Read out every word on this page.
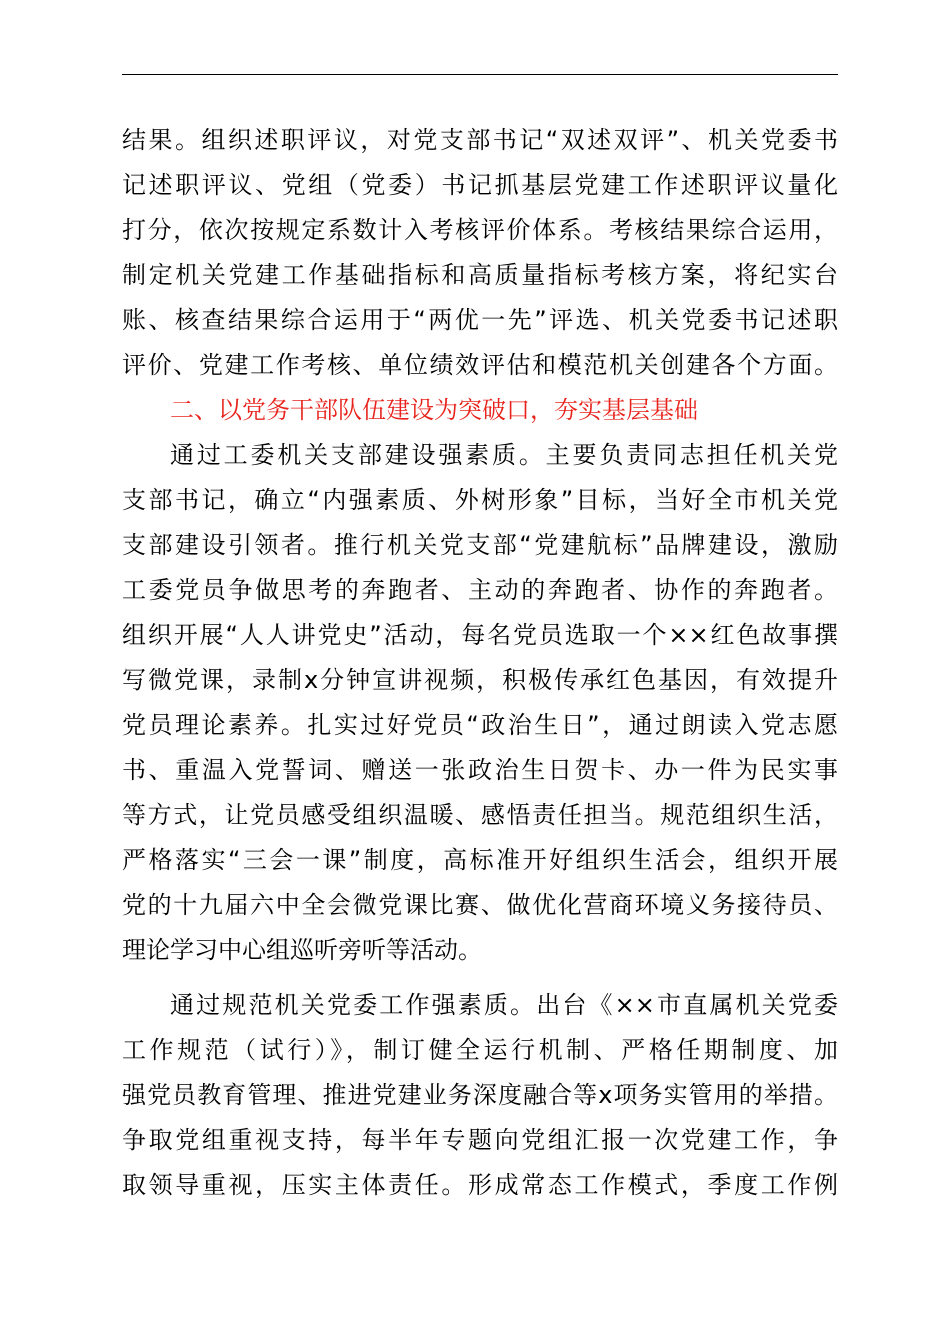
结果。组织述职评议，对党支部书记“双述双评”、机关党委书
记述职评议、党组（党委）书记抓基层党建工作述职评议量化
打分，依次按规定系数计入考核评价体系。考核结果综合运用，
制定机关党建工作基础指标和高质量指标考核方案，将纪实台
账、核查结果综合运用于“两优一先”评选、机关党委书记述职
评价、党建工作考核、单位绩效评估和模范机关创建各个方面。
二、以党务干部队伍建设为突破口，夯实基层基础
通过工委机关支部建设强素质。主要负责同志担任机关党
支部书记，确立“内强素质、外树形象”目标，当好全市机关党
支部建设引领者。推行机关党支部“党建航标”品牌建设，激励
工委党员争做思考的奔跑者、主动的奔跑者、协作的奔跑者。
组织开展“人人讲党史”活动，每名党员选取一个××红色故事撰
写微党课，录制x分钟宣讲视频，积极传承红色基因，有效提升
党员理论素养。扎实过好党员“政治生日”，通过朗读入党志愿
书、重温入党誓词、赠送一张政治生日贺卡、办一件为民实事
等方式，让党员感受组织温暖、感悟责任担当。规范组织生活，
严格落实“三会一课”制度，高标准开好组织生活会，组织开展
党的十九届六中全会微党课比赛、做优化营商环境义务接待员、
理论学习中心组巡听旁听等活动。
通过规范机关党委工作强素质。出台《××市直属机关党委
工作规范（试行）》，制订健全运行机制、严格任期制度、加
强党员教育管理、推进党建业务深度融合等x项务实管用的举措。
争取党组重视支持，每半年专题向党组汇报一次党建工作，争
取领导重视，压实主体责任。形成常态工作模式，季度工作例
